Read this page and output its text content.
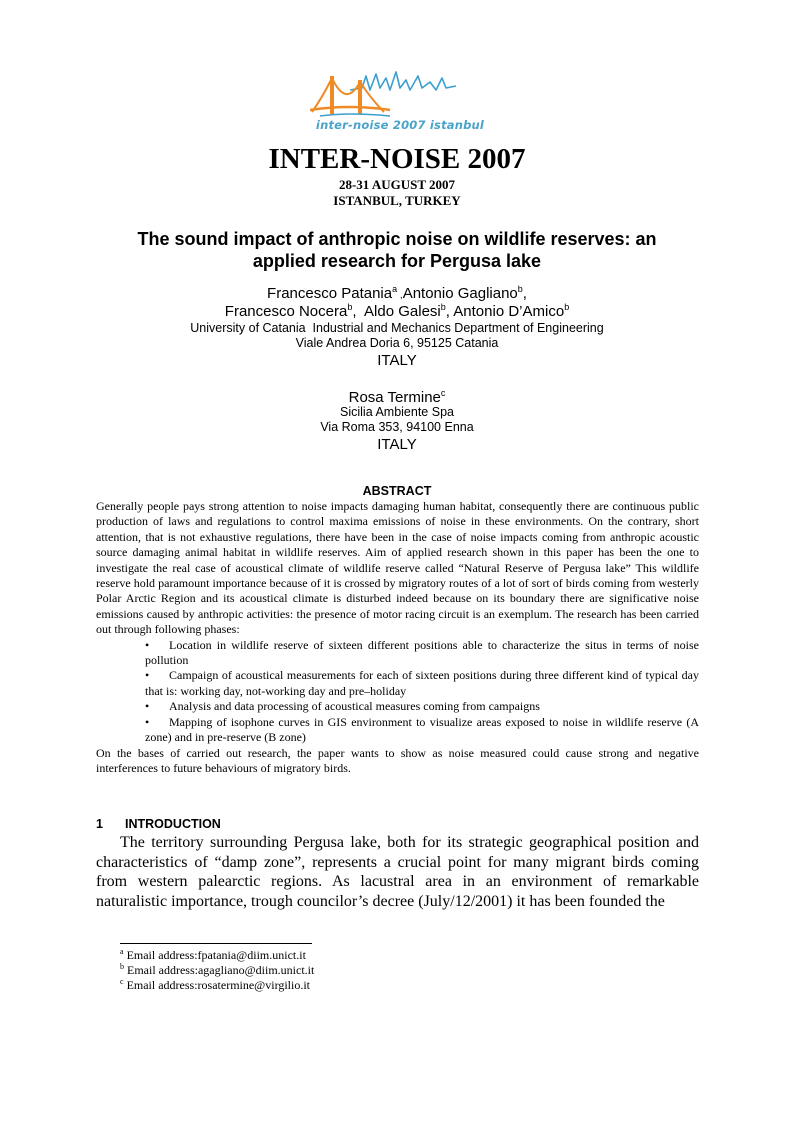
inter-noise 2007 istanbul
INTER-NOISE 2007
28-31 AUGUST 2007
ISTANBUL, TURKEY
The sound impact of anthropic noise on wildlife reserves: an
applied research for Pergusa lake
Francesco Patania$^a$ ,Antonio Gagliano$^b$,
Francesco Nocera$^b$,  Aldo Galesi$^b$, Antonio D’Amico$^b$
University of Catania  Industrial and Mechanics Department of Engineering
Viale Andrea Doria 6, 95125 Catania
ITALY
Rosa Termine$^c$
Sicilia Ambiente Spa
Via Roma 353, 94100 Enna
ITALY
ABSTRACT

Generally people pays strong attention to noise impacts damaging human habitat, consequently there are continuous public production of laws and regulations to control maxima emissions of noise in these environments. On the contrary, short attention, that is not exhaustive regulations, there have been in the case of noise impacts coming from anthropic acoustic source damaging animal habitat in wildlife reserves. Aim of applied research shown in this paper has been the one to investigate the real case of acoustical climate of wildlife reserve called “Natural Reserve of Pergusa lake” This wildlife reserve hold paramount importance because of it is crossed by migratory routes of a lot of sort of birds coming from westerly Polar Arctic Region and its acoustical climate is disturbed indeed because on its boundary there are significative noise emissions caused by anthropic activities: the presence of motor racing circuit is an exemplum. The research has been carried out through following phases:

•	Location in wildlife reserve of sixteen different positions able to characterize the situs in terms of noise pollution
•	Campaign of acoustical measurements for each of sixteen positions during three different kind of typical day that is: working day, not-working day and pre–holiday
•	Analysis and data processing of acoustical measures coming from campaigns
•	Mapping of isophone curves in GIS environment to visualize areas exposed to noise in wildlife reserve (A zone) and in pre-reserve (B zone)

On the bases of carried out research, the paper wants to show as noise measured could cause strong and negative interferences to future behaviours of migratory birds.

1 INTRODUCTION
The territory surrounding Pergusa lake, both for its strategic geographical position and characteristics of “damp zone”, represents a crucial point for many migrant birds coming from western palearctic regions. As lacustral area in an environment of remarkable naturalistic importance, trough councilor’s decree (July/12/2001) it has been founded the
$^a$ Email address:fpatania@diim.unict.it
$^b$ Email address:agagliano@diim.unict.it
$^c$ Email address:rosatermine@virgilio.it
